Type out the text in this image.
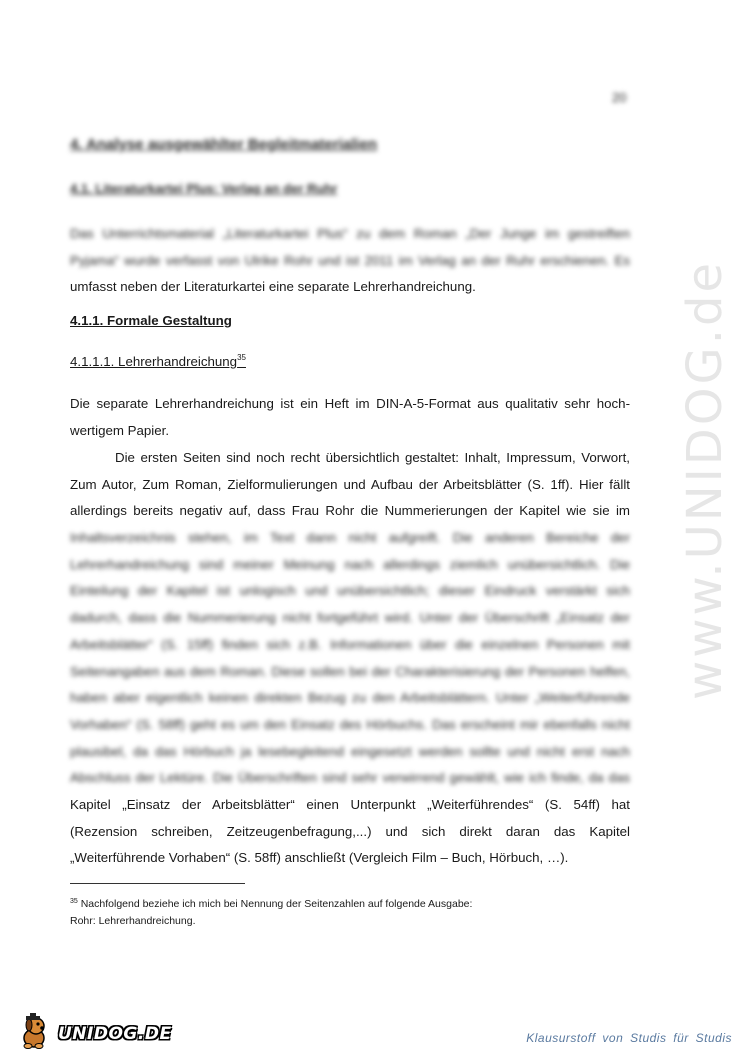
www.UNIDOG.de
20
4. Analyse ausgewählter Begleitmaterialien
4.1. Literaturkartei Plus: Verlag an der Ruhr
Das Unterrichtsmaterial „Literaturkartei Plus“ zu dem Roman „Der Junge im gestreiften
Pyjama“ wurde verfasst von Ulrike Rohr und ist 2011 im Verlag an der Ruhr erschienen. Es
umfasst neben der Literaturkartei eine separate Lehrerhandreichung.
4.1.1. Formale Gestaltung
4.1.1.1. Lehrerhandreichung$^{35}$
Die separate Lehrerhandreichung ist ein Heft im DIN-A-5-Format aus qualitativ sehr hoch-
wertigem Papier.
Die ersten Seiten sind noch recht übersichtlich gestaltet: Inhalt, Impressum, Vorwort,
Zum Autor, Zum Roman, Zielformulierungen und Aufbau der Arbeitsblätter (S. 1ff). Hier fällt
allerdings bereits negativ auf, dass Frau Rohr die Nummerierungen der Kapitel wie sie im
Inhaltsverzeichnis stehen, im Text dann nicht aufgreift. Die anderen Bereiche der
Lehrerhandreichung sind meiner Meinung nach allerdings ziemlich unübersichtlich. Die
Einteilung der Kapitel ist unlogisch und unübersichtlich; dieser Eindruck verstärkt sich
dadurch, dass die Nummerierung nicht fortgeführt wird. Unter der Überschrift „Einsatz der
Arbeitsblätter“ (S. 15ff) finden sich z.B. Informationen über die einzelnen Personen mit
Seitenangaben aus dem Roman. Diese sollen bei der Charakterisierung der Personen helfen,
haben aber eigentlich keinen direkten Bezug zu den Arbeitsblättern. Unter „Weiterführende
Vorhaben“ (S. 58ff) geht es um den Einsatz des Hörbuchs. Das erscheint mir ebenfalls nicht
plausibel, da das Hörbuch ja lesebegleitend eingesetzt werden sollte und nicht erst nach
Abschluss der Lektüre. Die Überschriften sind sehr verwirrend gewählt, wie ich finde, da das
Kapitel „Einsatz der Arbeitsblätter“ einen Unterpunkt „Weiterführendes“ (S. 54ff) hat
(Rezension schreiben, Zeitzeugenbefragung,...) und sich direkt daran das Kapitel
„Weiterführende Vorhaben“ (S. 58ff) anschließt (Vergleich Film – Buch, Hörbuch, …).
$^{35}$ Nachfolgend beziehe ich mich bei Nennung der Seitenzahlen auf folgende Ausgabe:
Rohr: Lehrerhandreichung.
UNIDOG.DE	Klausurstoff von Studis für Studis
